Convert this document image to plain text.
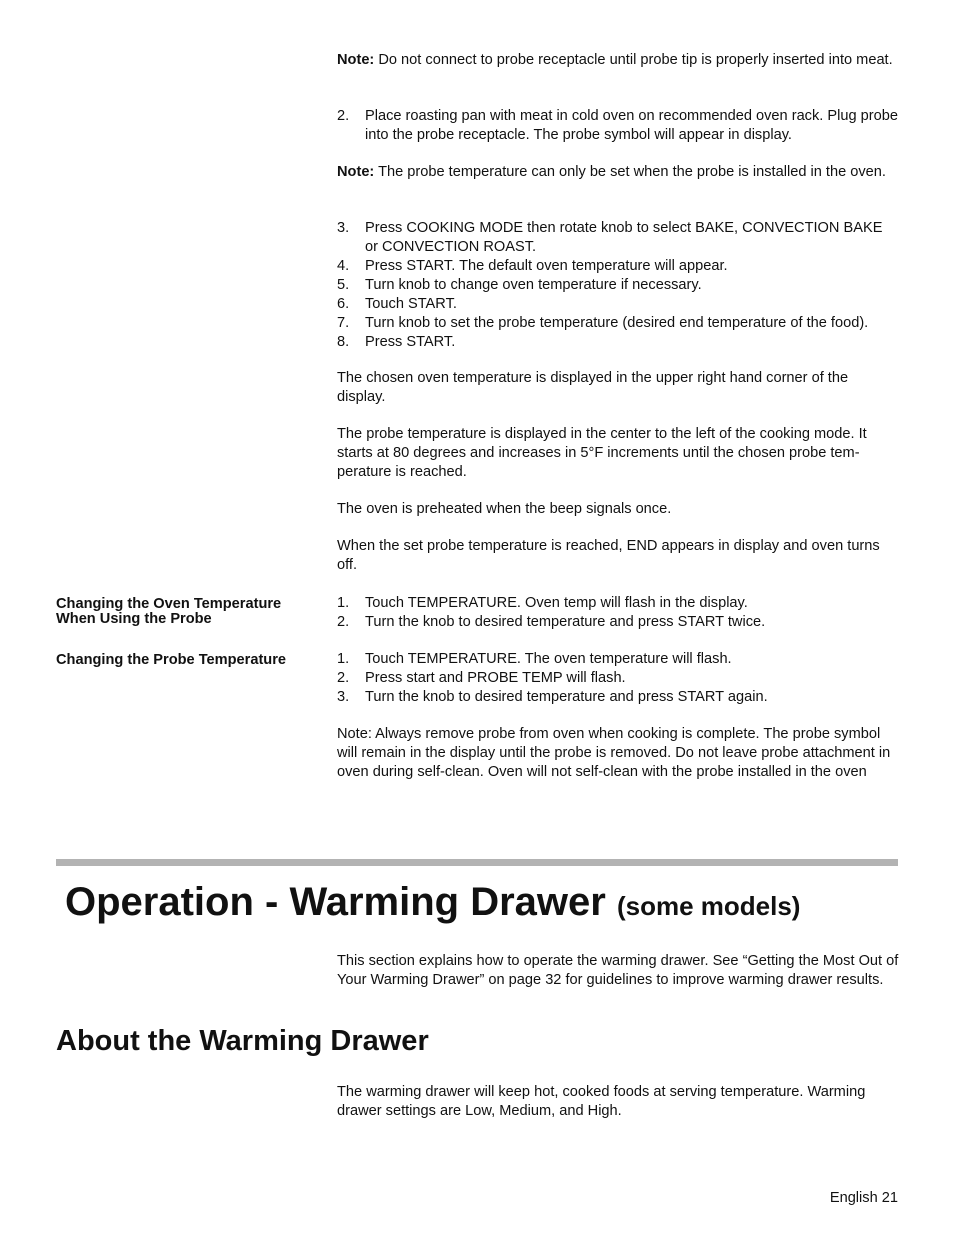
Note: Do not connect to probe receptacle until probe tip is properly inserted into meat.

2. Place roasting pan with meat in cold oven on recommended oven rack. Plug probe into the probe receptacle. The probe symbol will appear in display.

Note: The probe temperature can only be set when the probe is installed in the oven.

3. Press COOKING MODE then rotate knob to select BAKE, CONVECTION BAKE or CONVECTION ROAST.
4. Press START. The default oven temperature will appear.
5. Turn knob to change oven temperature if necessary.
6. Touch START.
7. Turn knob to set the probe temperature (desired end temperature of the food).
8. Press START.

The chosen oven temperature is displayed in the upper right hand corner of the display.

The probe temperature is displayed in the center to the left of the cooking mode. It starts at 80 degrees and increases in 5°F increments until the chosen probe tem-perature is reached.

The oven is preheated when the beep signals once.

When the set probe temperature is reached, END appears in display and oven turns off.

Changing the Oven Temperature
When Using the Probe
1. Touch TEMPERATURE. Oven temp will flash in the display.
2. Turn the knob to desired temperature and press START twice.
Changing the Probe Temperature	1. Touch TEMPERATURE. The oven temperature will flash.
2. Press start and PROBE TEMP will flash.
3. Turn the knob to desired temperature and press START again.

Note: Always remove probe from oven when cooking is complete. The probe symbol will remain in the display until the probe is removed. Do not leave probe attachment in oven during self-clean. Oven will not self-clean with the probe installed in the oven

Operation - Warming Drawer (some models)

This section explains how to operate the warming drawer. See “Getting the Most Out of Your Warming Drawer” on page 32 for guidelines to improve warming drawer results.

About the Warming Drawer

The warming drawer will keep hot, cooked foods at serving temperature. Warming drawer settings are Low, Medium, and High.

English 21
